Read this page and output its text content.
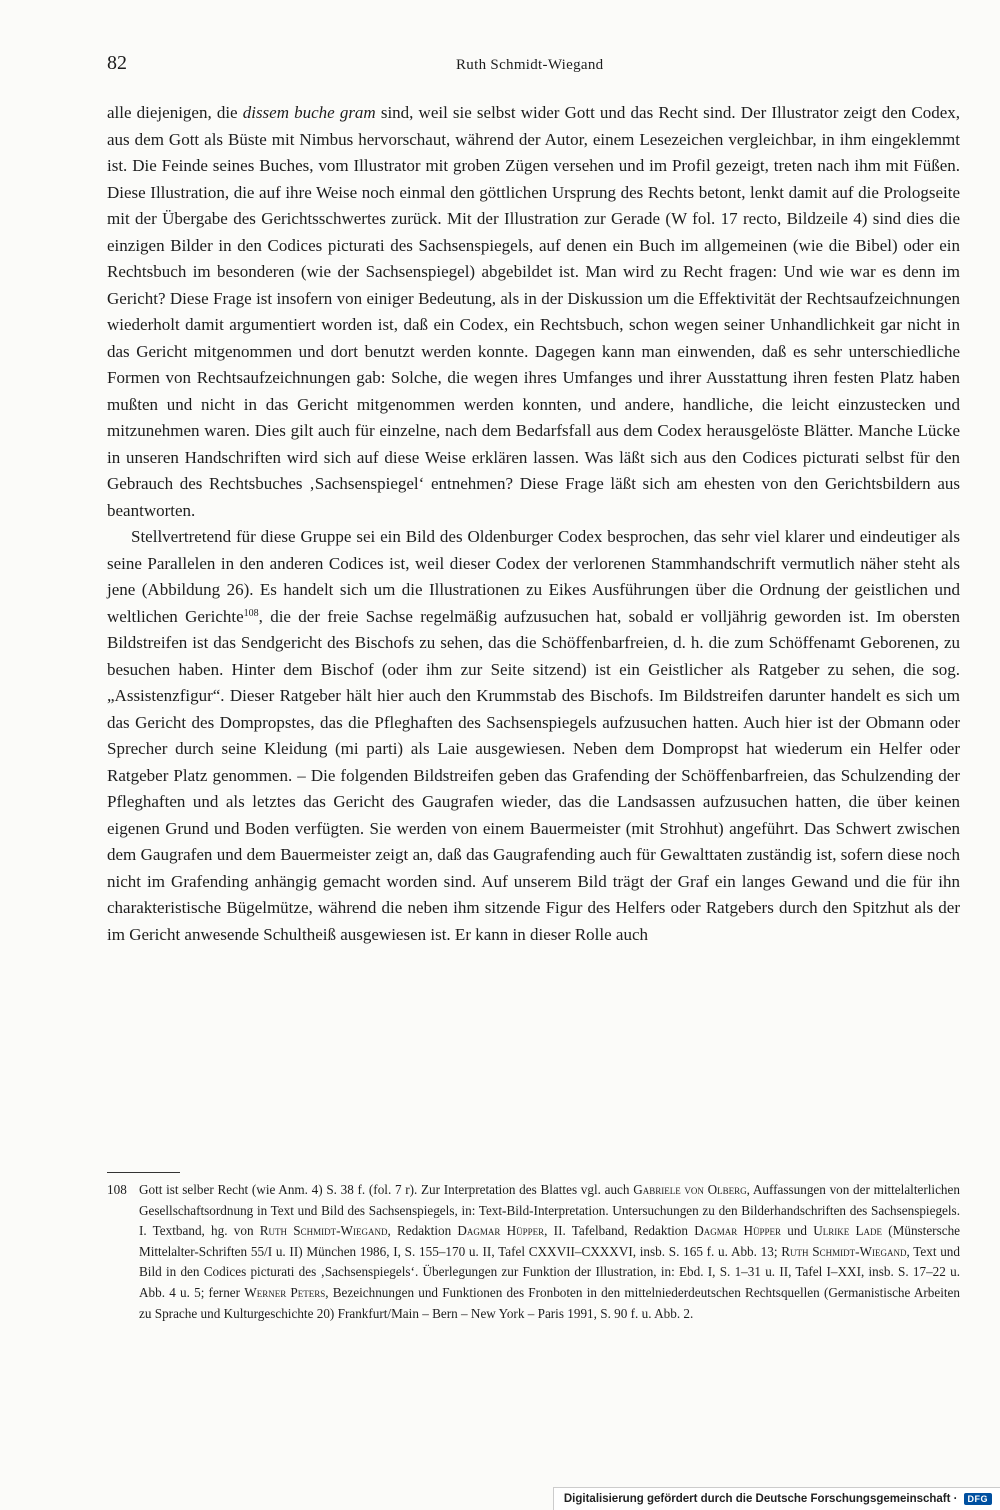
82	Ruth Schmidt-Wiegand

alle diejenigen, die dissem buche gram sind, weil sie selbst wider Gott und das Recht sind. Der Illustrator zeigt den Codex, aus dem Gott als Büste mit Nimbus hervorschaut, während der Autor, einem Lesezeichen vergleichbar, in ihm eingeklemmt ist. Die Feinde seines Buches, vom Illustrator mit groben Zügen versehen und im Profil gezeigt, treten nach ihm mit Füßen. Diese Illustration, die auf ihre Weise noch einmal den göttlichen Ursprung des Rechts betont, lenkt damit auf die Prologseite mit der Übergabe des Gerichtsschwertes zurück. Mit der Illustration zur Gerade (W fol. 17 recto, Bildzeile 4) sind dies die einzigen Bilder in den Codices picturati des Sachsenspiegels, auf denen ein Buch im allgemeinen (wie die Bibel) oder ein Rechtsbuch im besonderen (wie der Sachsenspiegel) abgebildet ist. Man wird zu Recht fragen: Und wie war es denn im Gericht? Diese Frage ist insofern von einiger Bedeutung, als in der Diskussion um die Effektivität der Rechtsaufzeichnungen wiederholt damit argumentiert worden ist, daß ein Codex, ein Rechtsbuch, schon wegen seiner Unhandlichkeit gar nicht in das Gericht mitgenommen und dort benutzt werden konnte. Dagegen kann man einwenden, daß es sehr unterschiedliche Formen von Rechtsaufzeichnungen gab: Solche, die wegen ihres Umfanges und ihrer Ausstattung ihren festen Platz haben mußten und nicht in das Gericht mitgenommen werden konnten, und andere, handliche, die leicht einzustecken und mitzunehmen waren. Dies gilt auch für einzelne, nach dem Bedarfsfall aus dem Codex herausgelöste Blätter. Manche Lücke in unseren Handschriften wird sich auf diese Weise erklären lassen. Was läßt sich aus den Codices picturati selbst für den Gebrauch des Rechtsbuches ‚Sachsenspiegel‘ entnehmen? Diese Frage läßt sich am ehesten von den Gerichtsbildern aus beantworten.

Stellvertretend für diese Gruppe sei ein Bild des Oldenburger Codex besprochen, das sehr viel klarer und eindeutiger als seine Parallelen in den anderen Codices ist, weil dieser Codex der verlorenen Stammhandschrift vermutlich näher steht als jene (Abbildung 26). Es handelt sich um die Illustrationen zu Eikes Ausführungen über die Ordnung der geistlichen und weltlichen Gerichte$^{108}$, die der freie Sachse regelmäßig aufzusuchen hat, sobald er volljährig geworden ist. Im obersten Bildstreifen ist das Sendgericht des Bischofs zu sehen, das die Schöffenbarfreien, d. h. die zum Schöffenamt Geborenen, zu besuchen haben. Hinter dem Bischof (oder ihm zur Seite sitzend) ist ein Geistlicher als Ratgeber zu sehen, die sog. „Assistenzfigur“. Dieser Ratgeber hält hier auch den Krummstab des Bischofs. Im Bildstreifen darunter handelt es sich um das Gericht des Dompropstes, das die Pfleghaften des Sachsenspiegels aufzusuchen hatten. Auch hier ist der Obmann oder Sprecher durch seine Kleidung (mi parti) als Laie ausgewiesen. Neben dem Dompropst hat wiederum ein Helfer oder Ratgeber Platz genommen. – Die folgenden Bildstreifen geben das Grafending der Schöffenbarfreien, das Schulzending der Pfleghaften und als letztes das Gericht des Gaugrafen wieder, das die Landsassen aufzusuchen hatten, die über keinen eigenen Grund und Boden verfügten. Sie werden von einem Bauermeister (mit Strohhut) angeführt. Das Schwert zwischen dem Gaugrafen und dem Bauermeister zeigt an, daß das Gaugrafending auch für Gewalttaten zuständig ist, sofern diese noch nicht im Grafending anhängig gemacht worden sind. Auf unserem Bild trägt der Graf ein langes Gewand und die für ihn charakteristische Bügelmütze, während die neben ihm sitzende Figur des Helfers oder Ratgebers durch den Spitzhut als der im Gericht anwesende Schultheiß ausgewiesen ist. Er kann in dieser Rolle auch

108 Gott ist selber Recht (wie Anm. 4) S. 38 f. (fol. 7 r). Zur Interpretation des Blattes vgl. auch Gabriele von Olberg, Auffassungen von der mittelalterlichen Gesellschaftsordnung in Text und Bild des Sachsenspiegels, in: Text-Bild-Interpretation. Untersuchungen zu den Bilderhandschriften des Sachsenspiegels. I. Textband, hg. von Ruth Schmidt-Wiegand, Redaktion Dagmar Hüpper, II. Tafelband, Redaktion Dagmar Hüpper und Ulrike Lade (Münstersche Mittelalter-Schriften 55/I u. II) München 1986, I, S. 155–170 u. II, Tafel CXXVII–CXXXVI, insb. S. 165 f. u. Abb. 13; Ruth Schmidt-Wiegand, Text und Bild in den Codices picturati des ‚Sachsenspiegels‘. Überlegungen zur Funktion der Illustration, in: Ebd. I, S. 1–31 u. II, Tafel I–XXI, insb. S. 17–22 u. Abb. 4 u. 5; ferner Werner Peters, Bezeichnungen und Funktionen des Fronboten in den mittelniederdeutschen Rechtsquellen (Germanistische Arbeiten zu Sprache und Kulturgeschichte 20) Frankfurt/Main – Bern – New York – Paris 1991, S. 90 f. u. Abb. 2.
Digitalisierung gefördert durch die Deutsche Forschungsgemeinschaft ·	DFG
